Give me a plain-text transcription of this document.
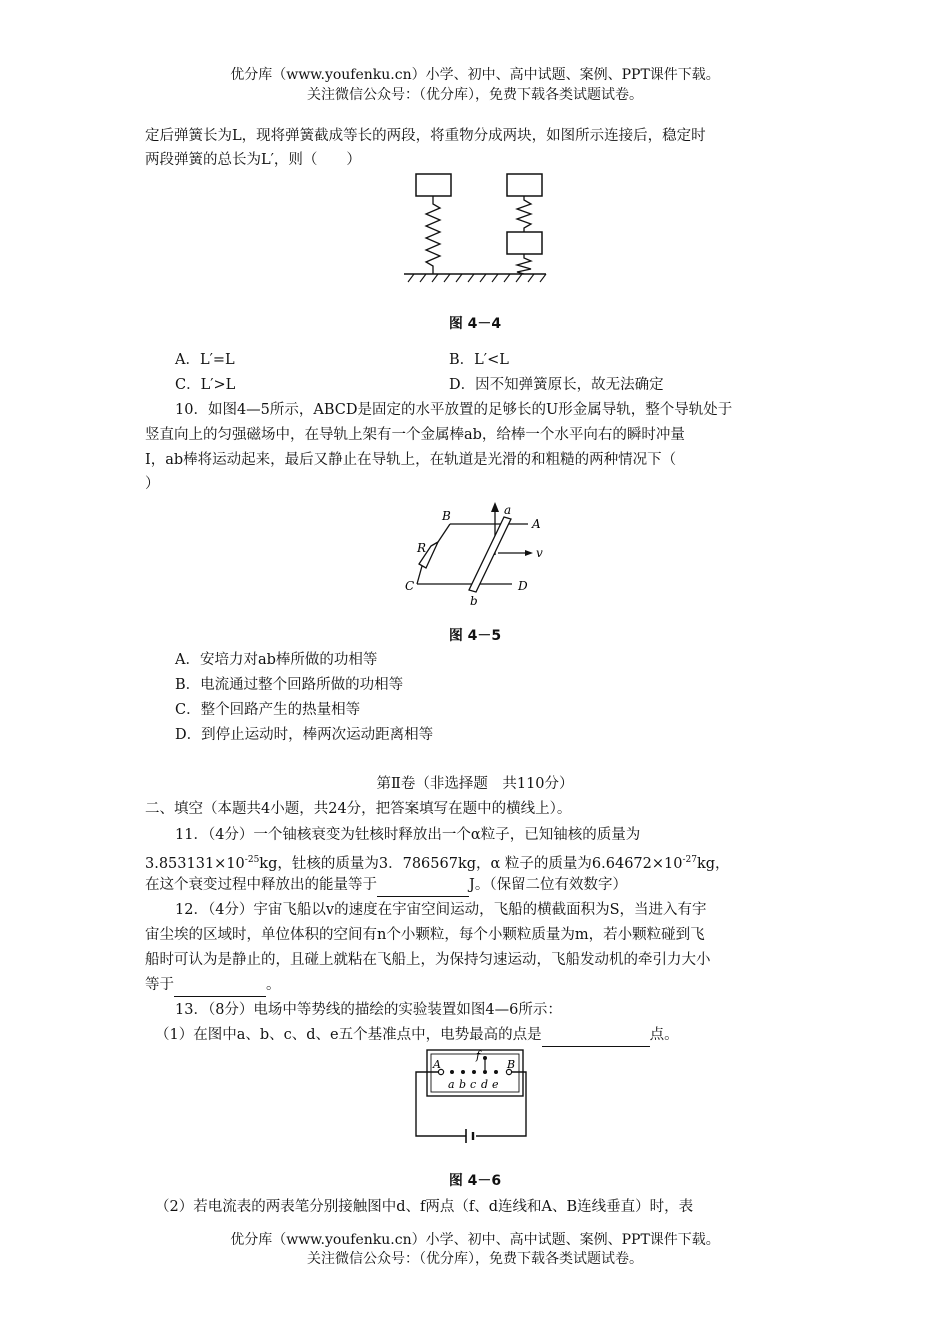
优分库（www.youfenku.cn）小学、初中、高中试题、案例、PPT课件下载。
关注微信公众号：（优分库），免费下载各类试题试卷。
定后弹簧长为L，现将弹簧截成等长的两段，将重物分成两块，如图所示连接后，稳定时
两段弹簧的总长为L′，则（　　）
图 4－4
A．L′=L	B．L′<L
C．L′>L	D．因不知弹簧原长，故无法确定
10．如图4—5所示，ABCD是固定的水平放置的足够长的U形金属导轨，整个导轨处于
竖直向上的匀强磁场中，在导轨上架有一个金属棒ab，给棒一个水平向右的瞬时冲量
I，ab棒将运动起来，最后又静止在导轨上，在轨道是光滑的和粗糙的两种情况下（
）
B
A
a
R	v
C	D
b
图 4－5
A．安培力对ab棒所做的功相等
B．电流通过整个回路所做的功相等
C．整个回路产生的热量相等
D．到停止运动时，棒两次运动距离相等
第Ⅱ卷（非选择题　共110分）
二、填空（本题共4小题，共24分，把答案填写在题中的横线上）。
11．（4分）一个铀核衰变为钍核时释放出一个α粒子，已知铀核的质量为
$3.853131\times 10^{-25}kg$，钍核的质量为3．786567kg，α 粒子的质量为$6.64672\times 10^{-27}kg$，
在这个衰变过程中释放出的能量等于	J。（保留二位有效数字）
12．（4分）宇宙飞船以v的速度在宇宙空间运动，飞船的横截面积为S，当进入有宇
宙尘埃的区域时，单位体积的空间有n个小颗粒，每个小颗粒质量为m，若小颗粒碰到飞
船时可认为是静止的，且碰上就粘在飞船上，为保持匀速运动，飞船发动机的牵引力大小
等于	。
13．（8分）电场中等势线的描绘的实验装置如图4—6所示：
（1）在图中a、b、c、d、e五个基准点中，电势最高的点是	点。
A	B
f
a b c d e
图 4－6
（2）若电流表的两表笔分别接触图中d、f两点（f、d连线和A、B连线垂直）时，表
优分库（www.youfenku.cn）小学、初中、高中试题、案例、PPT课件下载。
关注微信公众号：（优分库），免费下载各类试题试卷。
